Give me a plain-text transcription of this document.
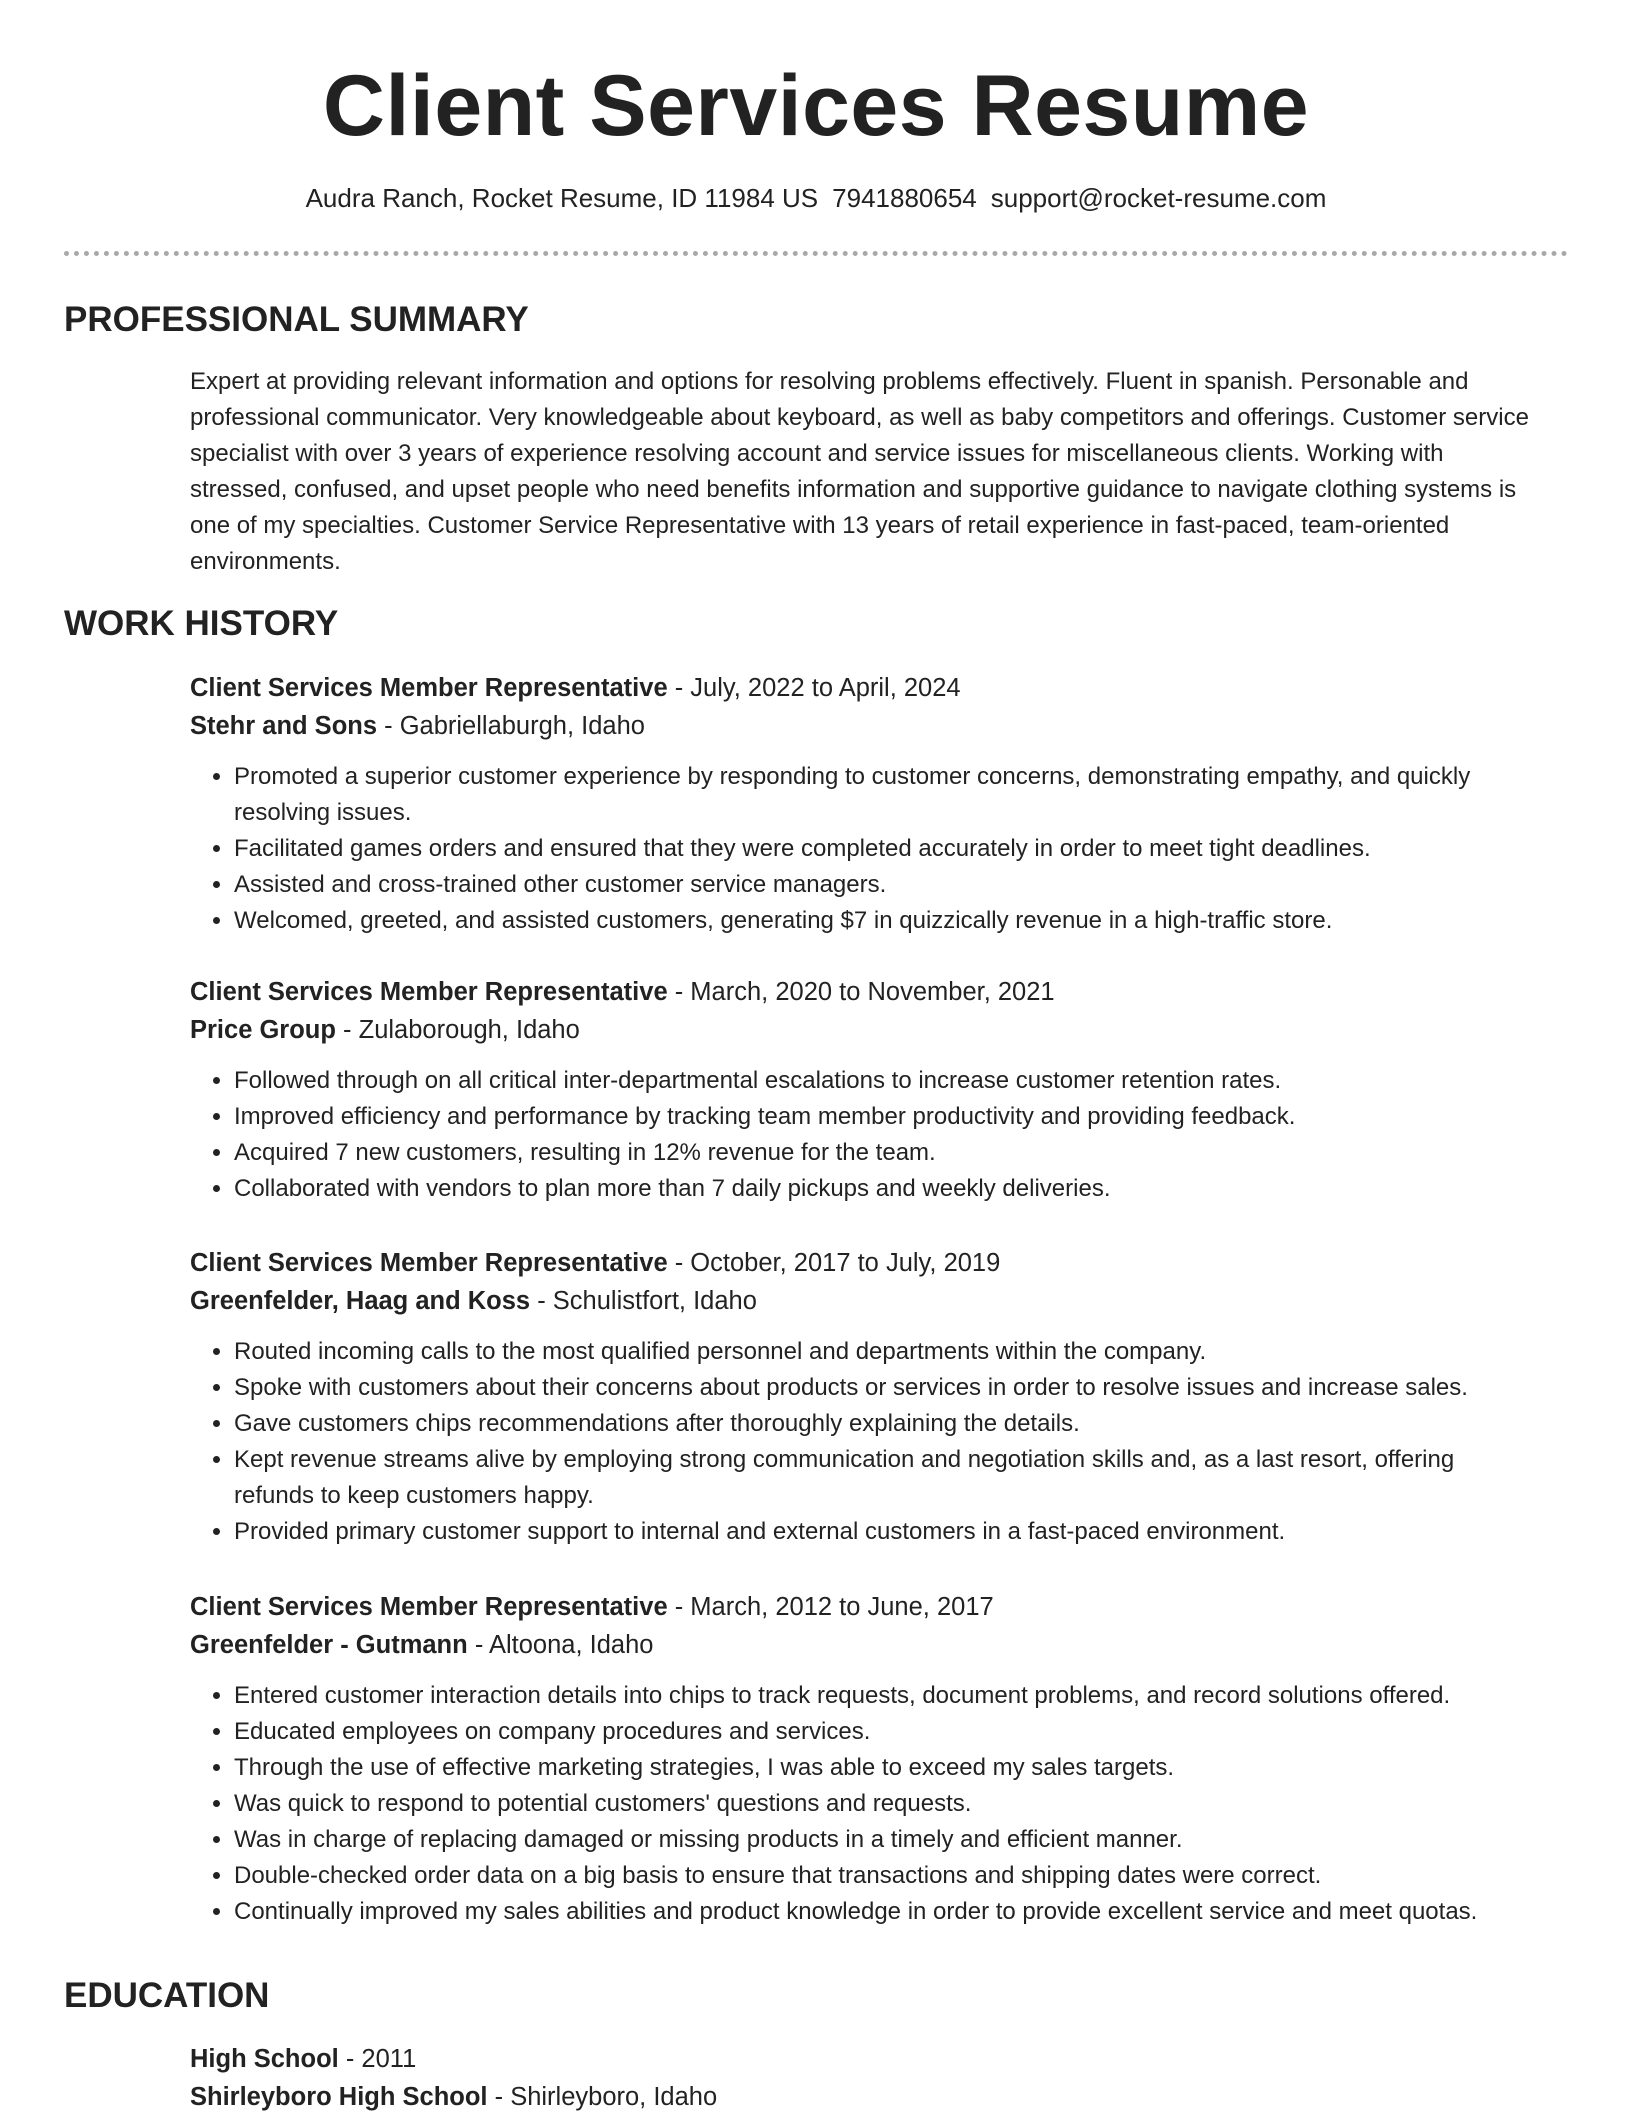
Client Services Resume
Audra Ranch, Rocket Resume, ID 11984 US 7941880654 support@rocket-resume.com
PROFESSIONAL SUMMARY

Expert at providing relevant information and options for resolving problems effectively. Fluent in spanish. Personable and professional communicator. Very knowledgeable about keyboard, as well as baby competitors and offerings. Customer service specialist with over 3 years of experience resolving account and service issues for miscellaneous clients. Working with stressed, confused, and upset people who need benefits information and supportive guidance to navigate clothing systems is one of my specialties. Customer Service Representative with 13 years of retail experience in fast-paced, team-oriented environments.

WORK HISTORY

Client Services Member Representative - July, 2022 to April, 2024

Stehr and Sons - Gabriellaburgh, Idaho

• Promoted a superior customer experience by responding to customer concerns, demonstrating empathy, and quickly resolving issues.
• Facilitated games orders and ensured that they were completed accurately in order to meet tight deadlines.
• Assisted and cross-trained other customer service managers.
• Welcomed, greeted, and assisted customers, generating $7 in quizzically revenue in a high-traffic store.

Client Services Member Representative - March, 2020 to November, 2021

Price Group - Zulaborough, Idaho

• Followed through on all critical inter-departmental escalations to increase customer retention rates.
• Improved efficiency and performance by tracking team member productivity and providing feedback.
• Acquired 7 new customers, resulting in 12% revenue for the team.
• Collaborated with vendors to plan more than 7 daily pickups and weekly deliveries.

Client Services Member Representative - October, 2017 to July, 2019

Greenfelder, Haag and Koss - Schulistfort, Idaho

• Routed incoming calls to the most qualified personnel and departments within the company.
• Spoke with customers about their concerns about products or services in order to resolve issues and increase sales.
• Gave customers chips recommendations after thoroughly explaining the details.
• Kept revenue streams alive by employing strong communication and negotiation skills and, as a last resort, offering refunds to keep customers happy.
• Provided primary customer support to internal and external customers in a fast-paced environment.

Client Services Member Representative - March, 2012 to June, 2017

Greenfelder - Gutmann - Altoona, Idaho

• Entered customer interaction details into chips to track requests, document problems, and record solutions offered.
• Educated employees on company procedures and services.
• Through the use of effective marketing strategies, I was able to exceed my sales targets.
• Was quick to respond to potential customers' questions and requests.
• Was in charge of replacing damaged or missing products in a timely and efficient manner.
• Double-checked order data on a big basis to ensure that transactions and shipping dates were correct.
• Continually improved my sales abilities and product knowledge in order to provide excellent service and meet quotas.
EDUCATION

High School - 2011

Shirleyboro High School - Shirleyboro, Idaho
